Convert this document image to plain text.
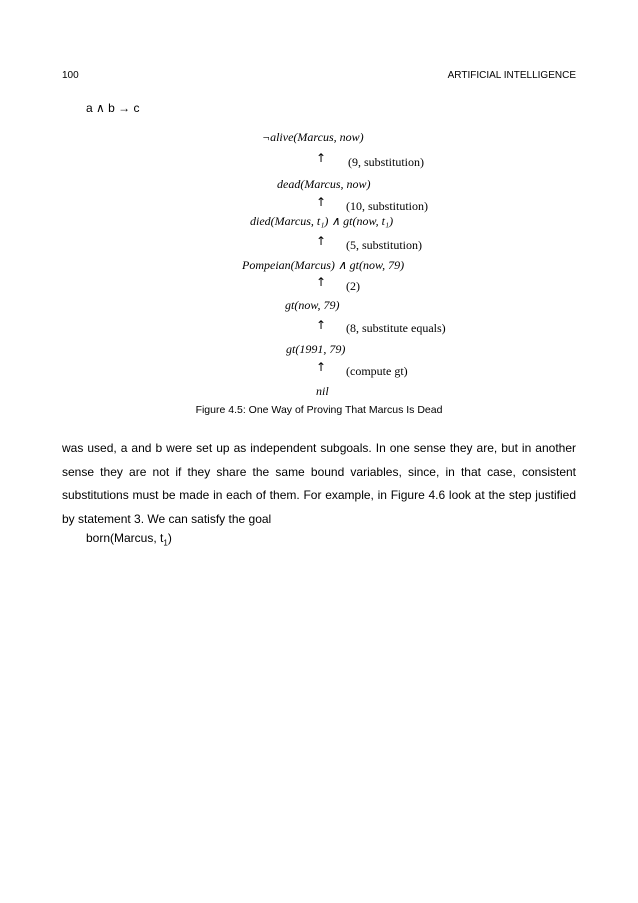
100	ARTIFICIAL INTELLIGENCE
a ∧ b → c
¬alive(Marcus, now)
↑ (9, substitution)
dead(Marcus, now)
↑ (10, substitution)
died(Marcus, t₁) ∧ gt(now, t₁)
↑ (5, substitution)
Pompeian(Marcus) ∧ gt(now, 79)
↑ (2)
gt(now, 79)
↑ (8, substitute equals)
gt(1991, 79)
↑ (compute gt)
nil
Figure 4.5: One Way of Proving That Marcus Is Dead

was used, a and b were set up as independent subgoals. In one sense they are, but in another sense they are not if they share the same bound variables, since, in that case, consistent substitutions must be made in each of them. For example, in Figure 4.6 look at the step justified by statement 3. We can satisfy the goal

born(Marcus, $t_1$)
